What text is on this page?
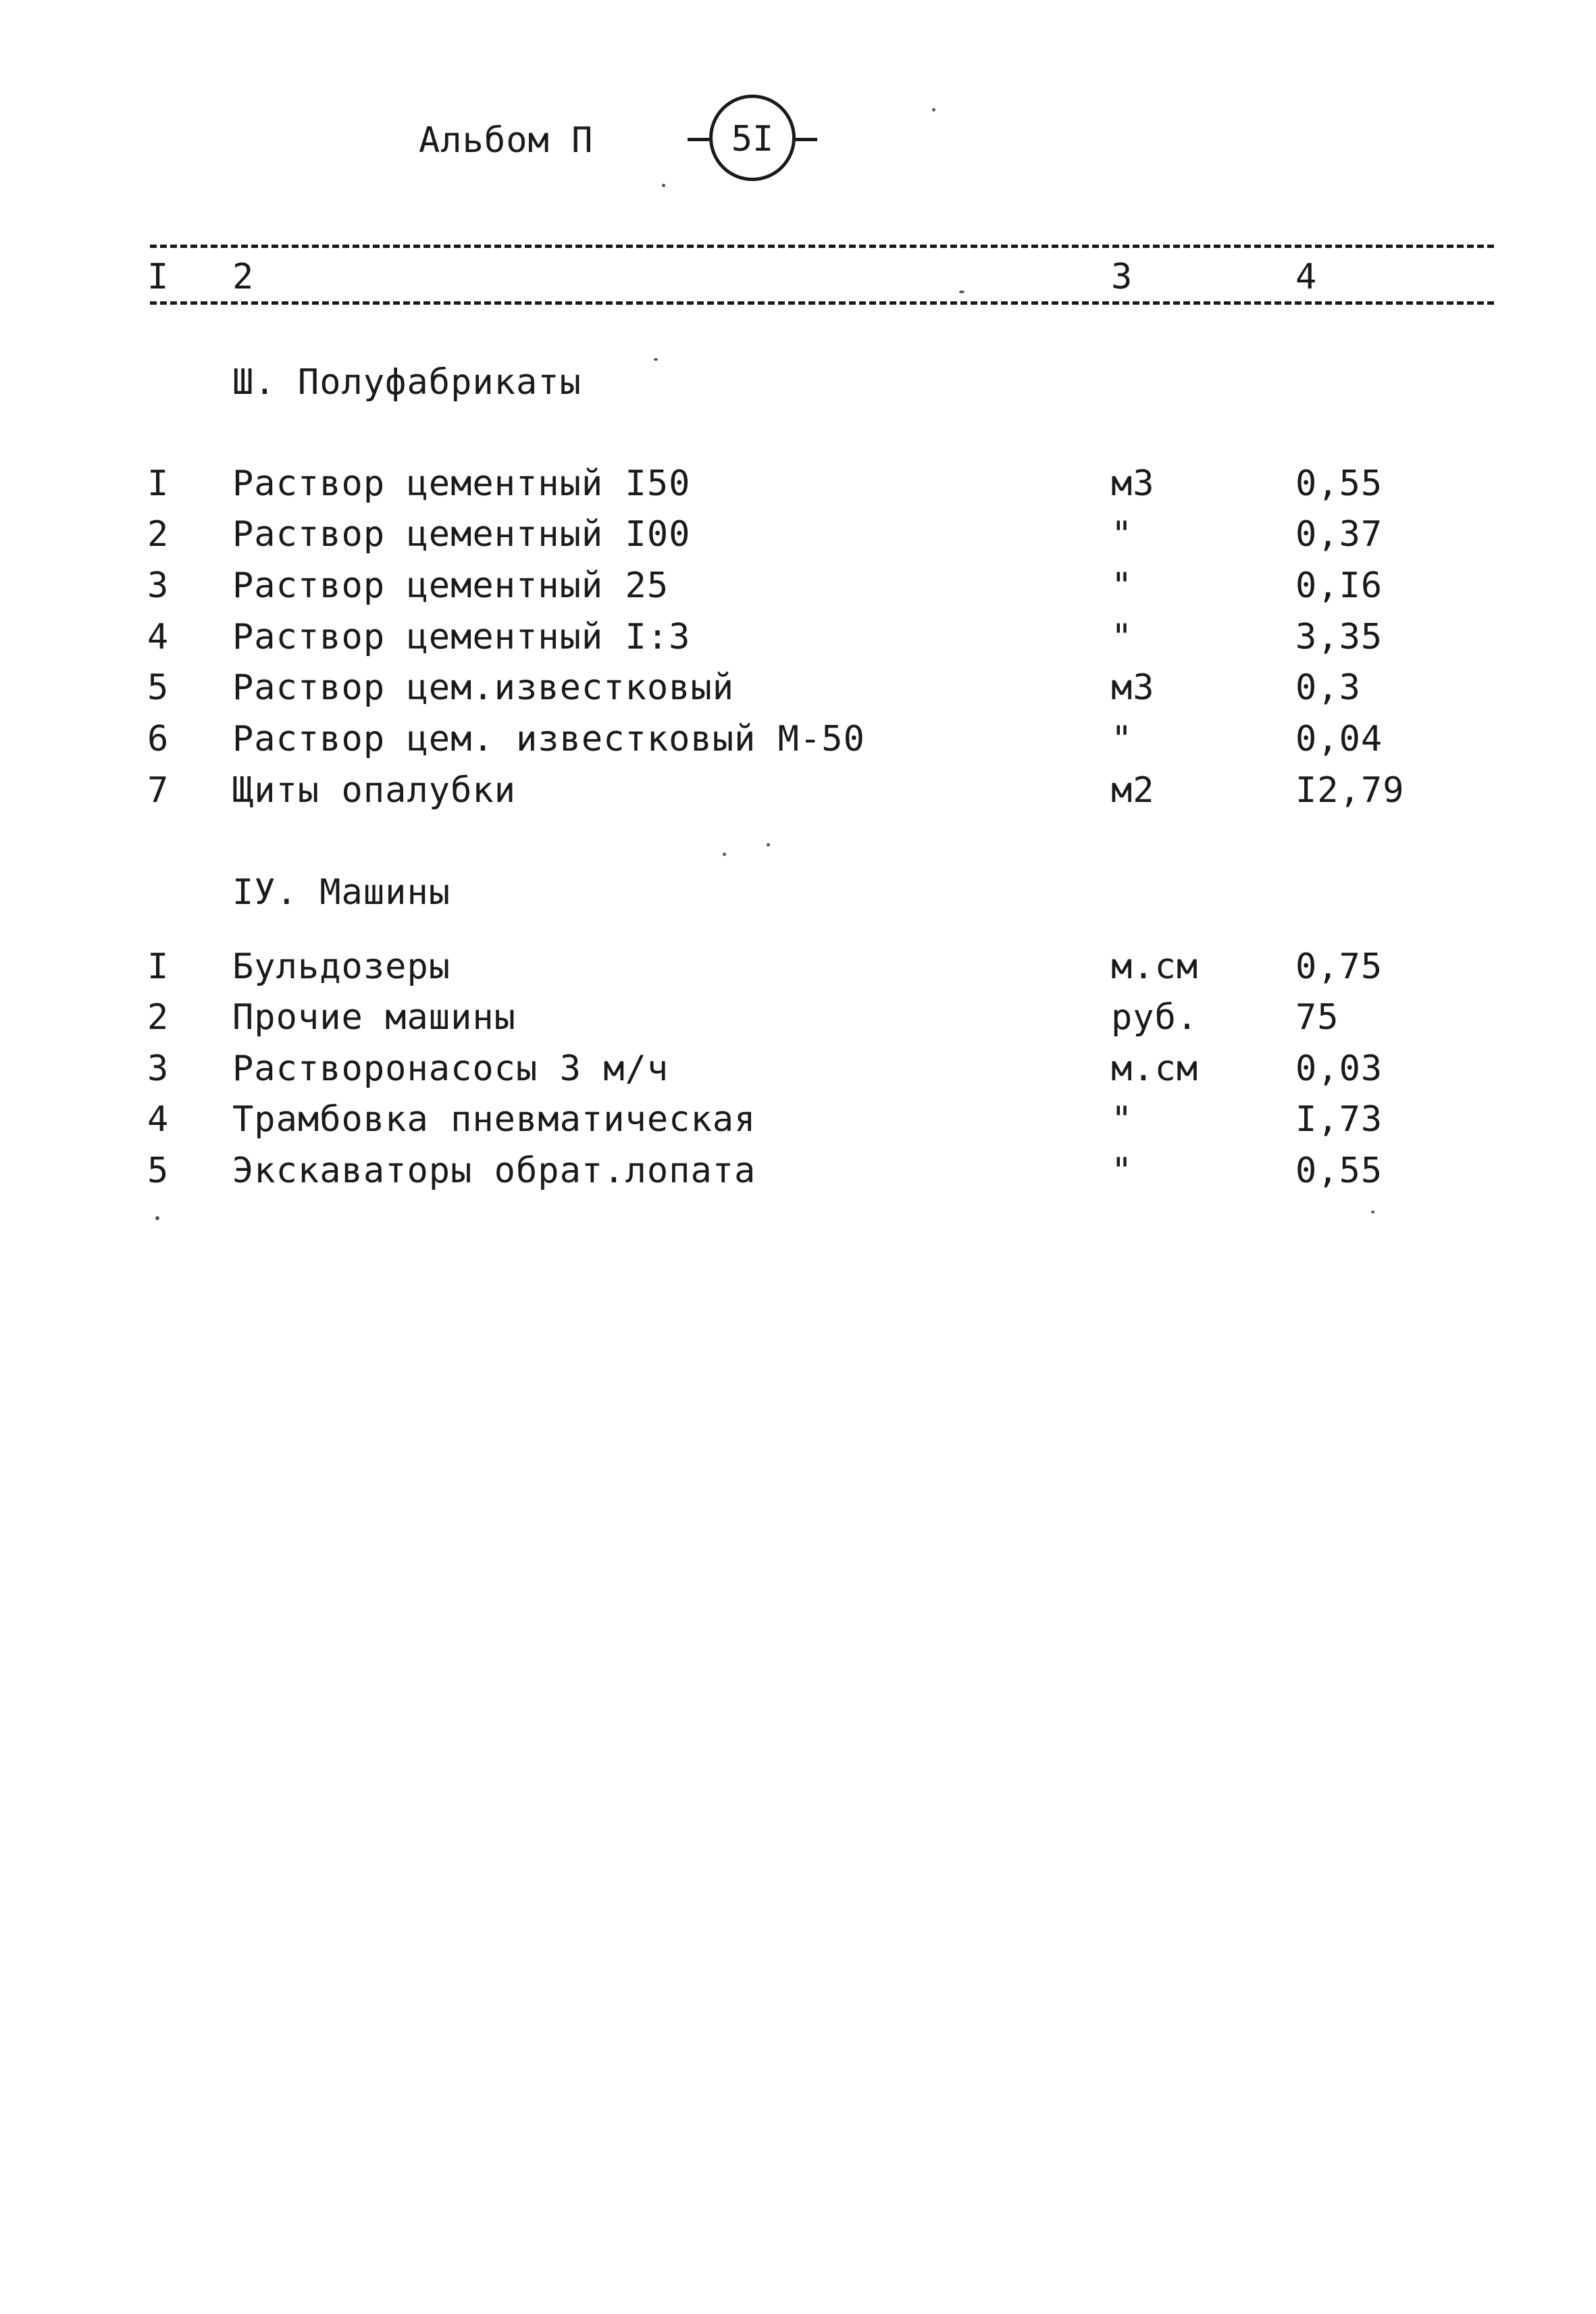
Альбом П	5I
I 2	3	4
Ш. Полуфабрикаты
I Раствор цементный I50	м3	0,55
2 Раствор цементный I00	"	0,37
3 Раствор цементный 25	"	0,I6
4 Раствор цементный I:3	"	3,35
5 Раствор цем.известковый	м3	0,3
6 Раствор цем. известковый М-50	"	0,04
7 Щиты опалубки	м2	I2,79
IУ. Машины
I Бульдозеры	м.см	0,75
2 Прочие машины	руб.	75
3 Растворонасосы 3 м/ч	м.см	0,03
4 Трамбовка пневматическая	"	I,73
5 Экскаваторы обрат.лопата	"	0,55
